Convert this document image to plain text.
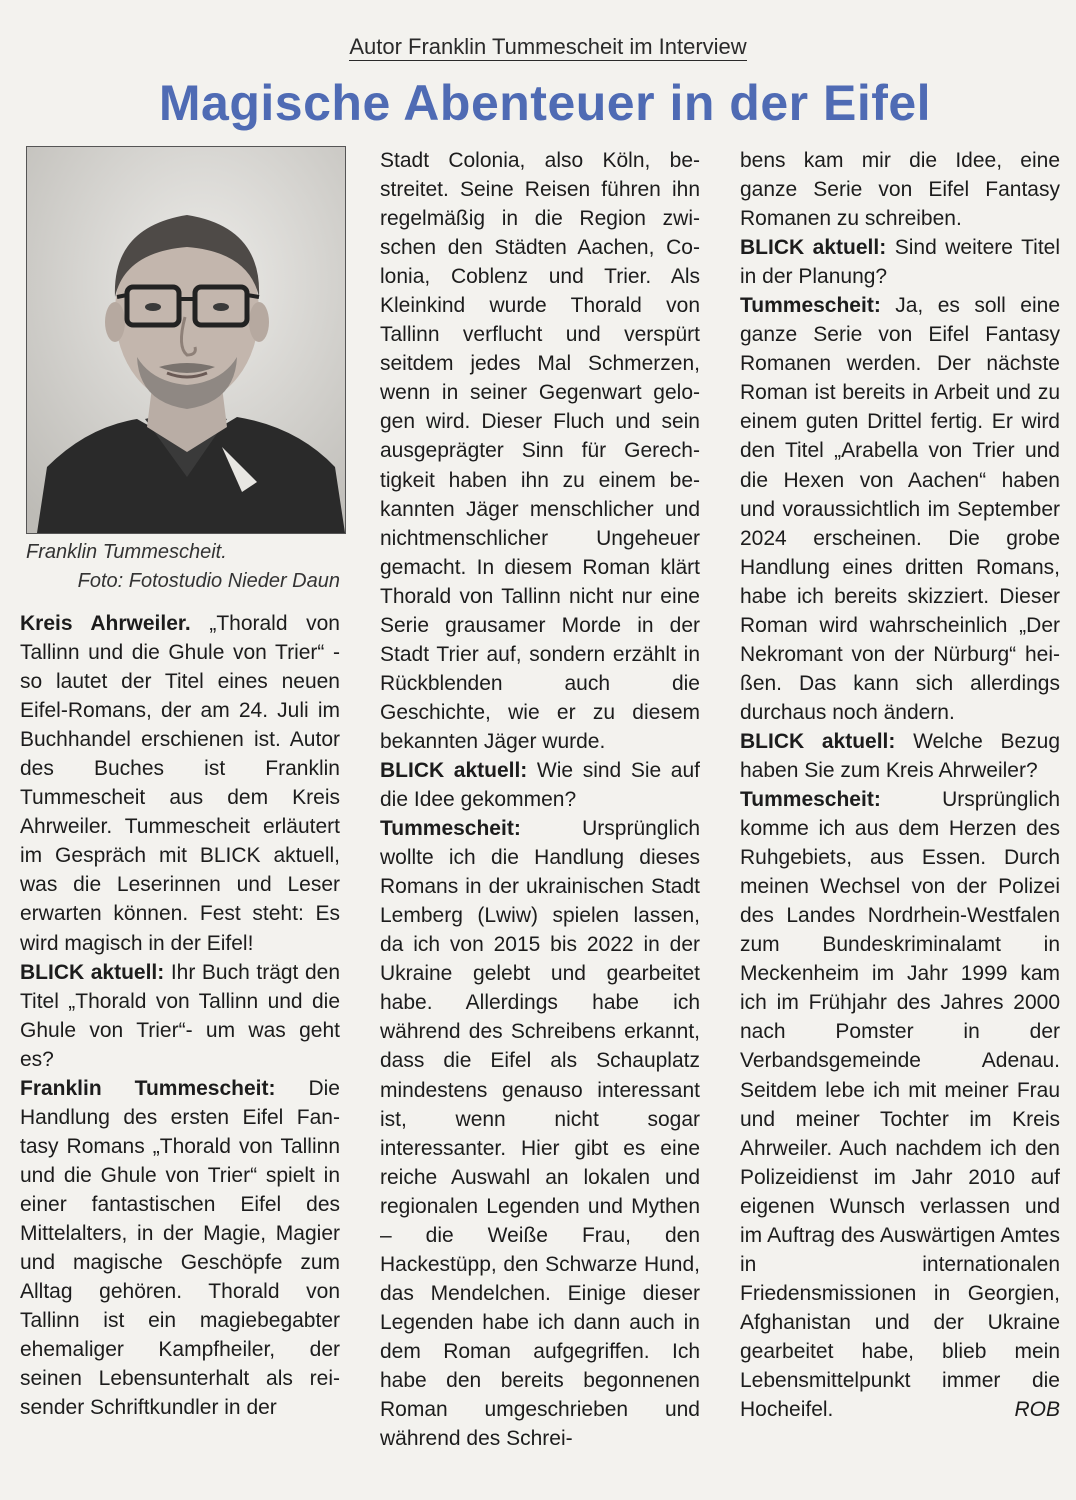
Autor Franklin Tummescheit im Interview
Magische Abenteuer in der Eifel
Franklin Tummescheit.

Foto: Fotostudio Nieder Daun

Kreis Ahrweiler. „Thorald von Tallinn und die Ghule von Trier“ - so lautet der Titel eines neuen Eifel-Romans, der am 24. Juli im Buchhandel erschienen ist. Autor des Buches ist Franklin Tummescheit aus dem Kreis Ahrweiler. Tummescheit erläutert im Gespräch mit BLICK aktuell, was die Leserinnen und Leser erwarten können. Fest steht: Es wird magisch in der Eifel!

BLICK aktuell: Ihr Buch trägt den Titel „Thorald von Tallinn und die Ghule von Trier“- um was geht es?

Franklin Tummescheit: Die Handlung des ersten Eifel Fantasy Romans „Thorald von Tallinn und die Ghule von Trier“ spielt in einer fantastischen Eifel des Mittelalters, in der Magie, Magier und magische Geschöpfe zum Alltag gehören. Thorald von Tallinn ist ein magiebegabter ehemaliger Kampfheiler, der seinen Lebensunterhalt als reisender Schriftkundler in der

Stadt Colonia, also Köln, bestreitet. Seine Reisen führen ihn regelmäßig in die Region zwischen den Städten Aachen, Colonia, Coblenz und Trier. Als Kleinkind wurde Thorald von Tallinn verflucht und verspürt seitdem jedes Mal Schmerzen, wenn in seiner Gegenwart gelogen wird. Dieser Fluch und sein ausgeprägter Sinn für Gerechtigkeit haben ihn zu einem bekannten Jäger menschlicher und nichtmenschlicher Ungeheuer gemacht. In diesem Roman klärt Thorald von Tallinn nicht nur eine Serie grausamer Morde in der Stadt Trier auf, sondern erzählt in Rückblenden auch die Geschichte, wie er zu diesem bekannten Jäger wurde.

BLICK aktuell: Wie sind Sie auf die Idee gekommen?

Tummescheit: Ursprünglich wollte ich die Handlung dieses Romans in der ukrainischen Stadt Lemberg (Lwiw) spielen lassen, da ich von 2015 bis 2022 in der Ukraine gelebt und gearbeitet habe. Allerdings habe ich während des Schreibens erkannt, dass die Eifel als Schauplatz mindestens genauso interessant ist, wenn nicht sogar interessanter. Hier gibt es eine reiche Auswahl an lokalen und regionalen Legenden und Mythen – die Weiße Frau, den Hackestüpp, den Schwarze Hund, das Mendelchen. Einige dieser Legenden habe ich dann auch in dem Roman aufgegriffen. Ich habe den bereits begonnenen Roman umgeschrieben und während des Schrei-

bens kam mir die Idee, eine ganze Serie von Eifel Fantasy Romanen zu schreiben.

BLICK aktuell: Sind weitere Titel in der Planung?

Tummescheit: Ja, es soll eine ganze Serie von Eifel Fantasy Romanen werden. Der nächste Roman ist bereits in Arbeit und zu einem guten Drittel fertig. Er wird den Titel „Arabella von Trier und die Hexen von Aachen“ haben und voraussichtlich im September 2024 erscheinen. Die grobe Handlung eines dritten Romans, habe ich bereits skizziert. Dieser Roman wird wahrscheinlich „Der Nekromant von der Nürburg“ heißen. Das kann sich allerdings durchaus noch ändern.

BLICK aktuell: Welche Bezug haben Sie zum Kreis Ahrweiler?

Tummescheit: Ursprünglich komme ich aus dem Herzen des Ruhgebiets, aus Essen. Durch meinen Wechsel von der Polizei des Landes Nordrhein-Westfalen zum Bundeskriminalamt in Meckenheim im Jahr 1999 kam ich im Frühjahr des Jahres 2000 nach Pomster in der Verbandsgemeinde Adenau. Seitdem lebe ich mit meiner Frau und meiner Tochter im Kreis Ahrweiler. Auch nachdem ich den Polizeidienst im Jahr 2010 auf eigenen Wunsch verlassen und im Auftrag des Auswärtigen Amtes in internationalen Friedensmissionen in Georgien, Afghanistan und der Ukraine gearbeitet habe, blieb mein Lebensmittelpunkt immer die Hocheifel.	ROB
